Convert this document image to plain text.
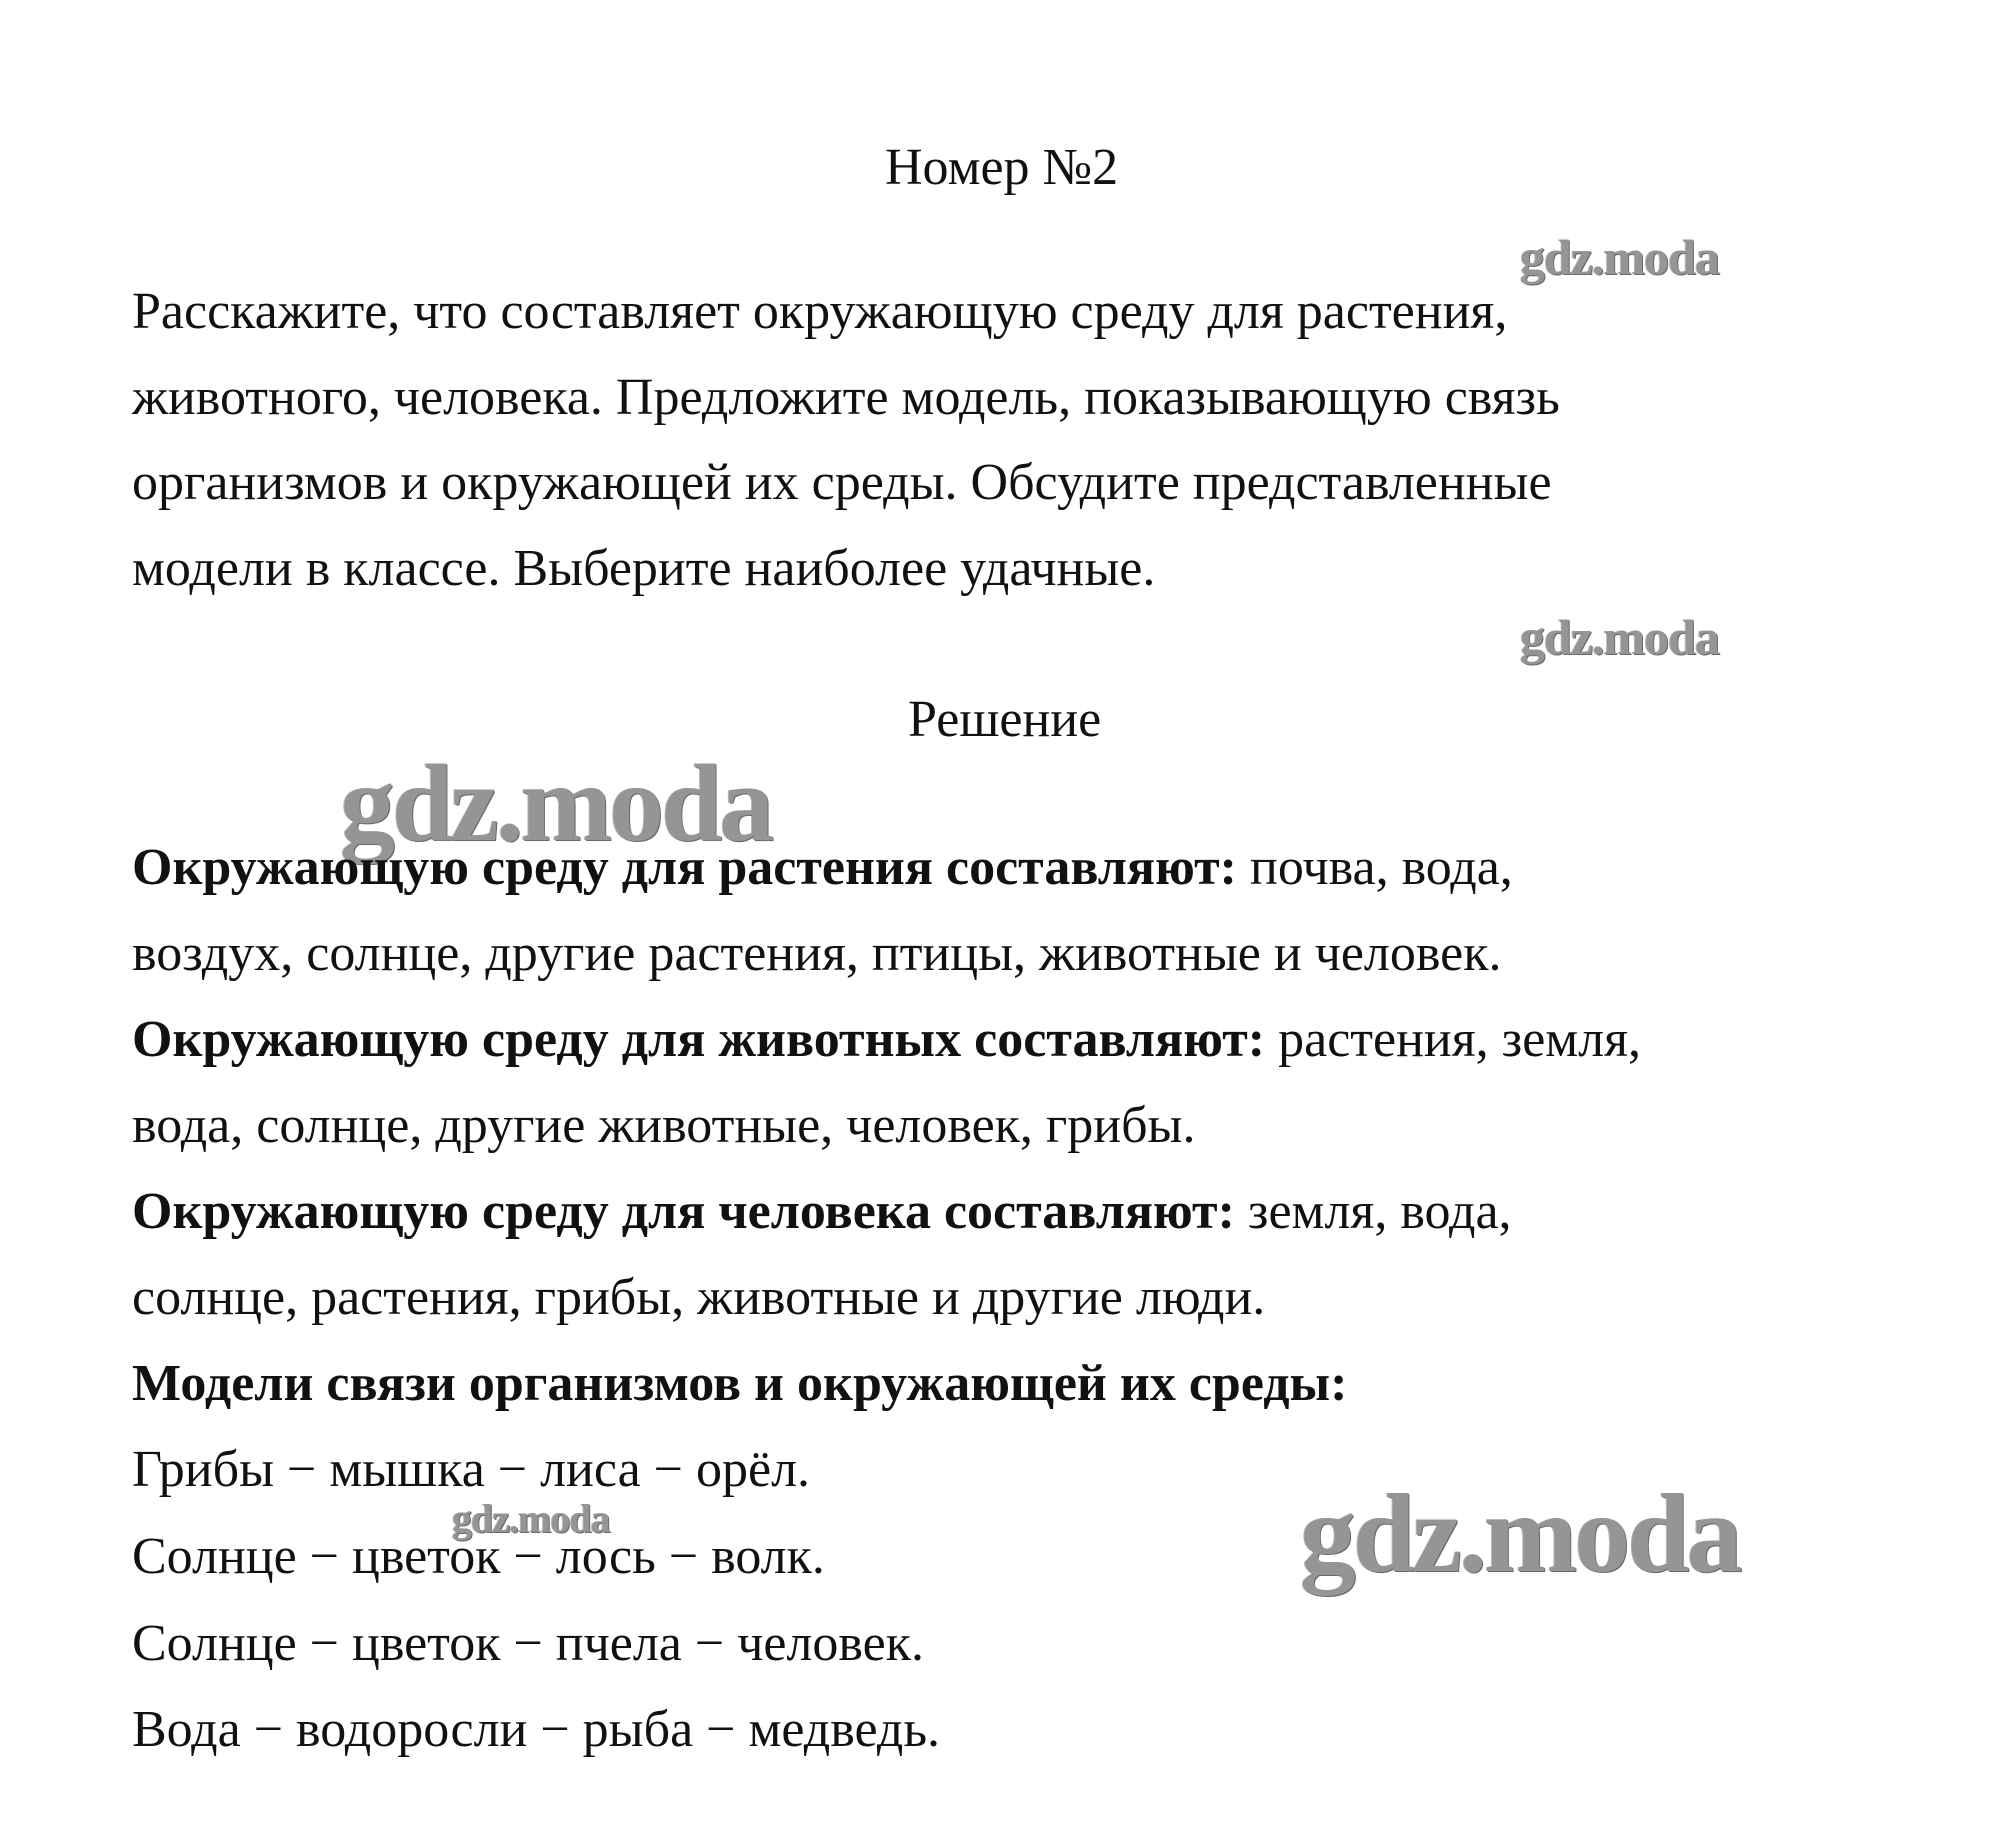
Номер №2
gdz.moda
Расскажите, что составляет окружающую среду для растения,
животного, человека. Предложите модель, показывающую связь
организмов и окружающей их среды. Обсудите представленные
модели в классе. Выберите наиболее удачные.
gdz.moda
Решение
gdz.moda
Окружающую среду для растения составляют: почва, вода,
воздух, солнце, другие растения, птицы, животные и человек.
Окружающую среду для животных составляют: растения, земля,
вода, солнце, другие животные, человек, грибы.
Окружающую среду для человека составляют: земля, вода,
солнце, растения, грибы, животные и другие люди.
Модели связи организмов и окружающей их среды:
Грибы − мышка − лиса − орёл.
gdz.moda
Солнце − цветок − лось − волк.	gdz.moda
Солнце − цветок − пчела − человек.
Вода − водоросли − рыба − медведь.
